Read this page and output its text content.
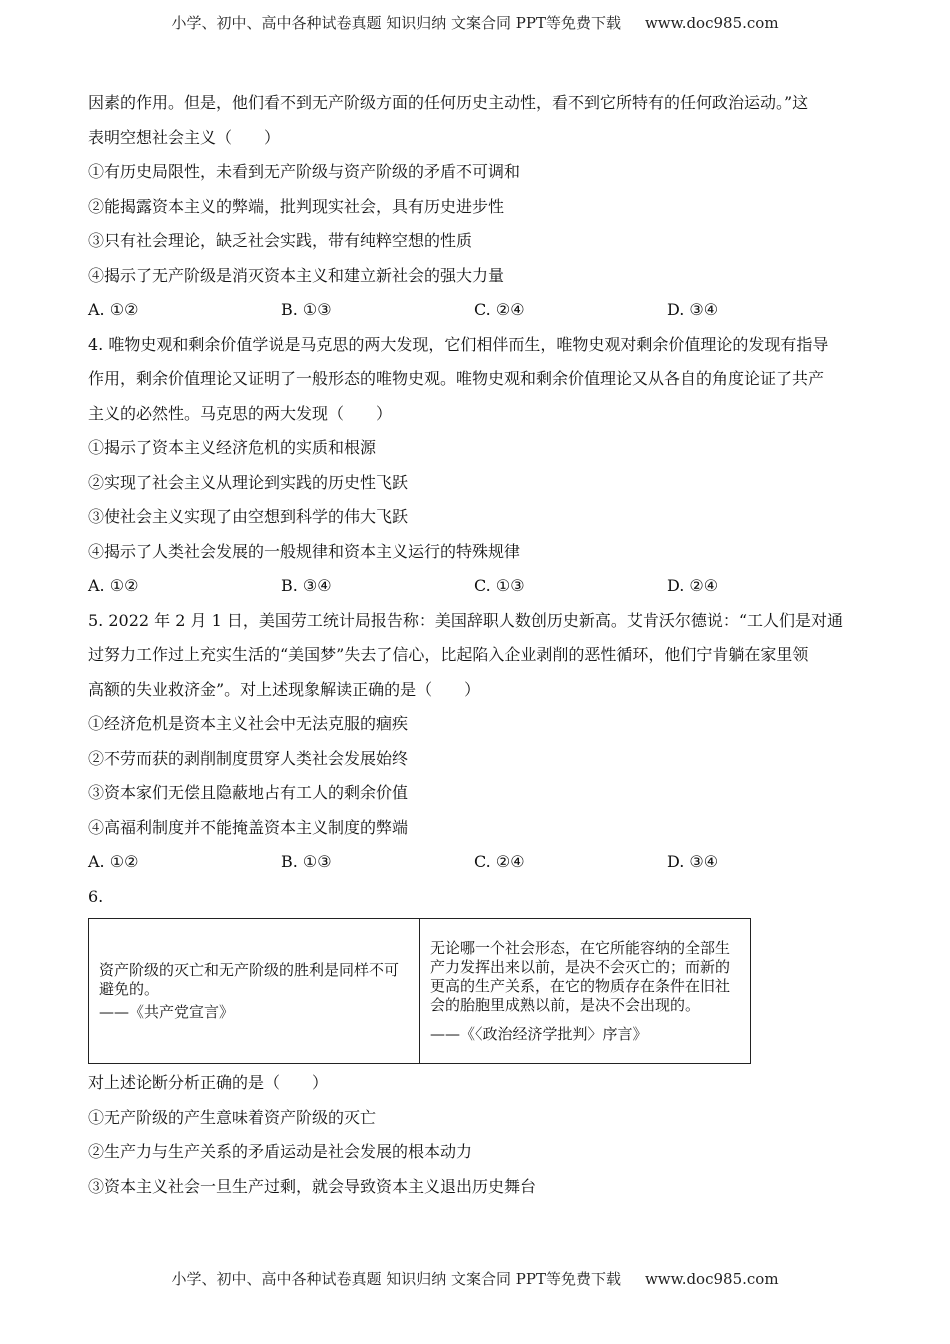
小学、初中、高中各种试卷真题 知识归纳 文案合同 PPT等免费下载 www.doc985.com
因素的作用。但是，他们看不到无产阶级方面的任何历史主动性，看不到它所特有的任何政治运动。”这
表明空想社会主义（　　）
①有历史局限性，未看到无产阶级与资产阶级的矛盾不可调和
②能揭露资本主义的弊端，批判现实社会，具有历史进步性
③只有社会理论，缺乏社会实践，带有纯粹空想的性质
④揭示了无产阶级是消灭资本主义和建立新社会的强大力量
A. ①②	B. ①③	C. ②④	D. ③④
4. 唯物史观和剩余价值学说是马克思的两大发现，它们相伴而生，唯物史观对剩余价值理论的发现有指导
作用，剩余价值理论又证明了一般形态的唯物史观。唯物史观和剩余价值理论又从各自的角度论证了共产
主义的必然性。马克思的两大发现（　　）
①揭示了资本主义经济危机的实质和根源
②实现了社会主义从理论到实践的历史性飞跃
③使社会主义实现了由空想到科学的伟大飞跃
④揭示了人类社会发展的一般规律和资本主义运行的特殊规律
A. ①②	B. ③④	C. ①③	D. ②④
5. 2022 年 2 月 1 日，美国劳工统计局报告称：美国辞职人数创历史新高。艾肯沃尔德说：“工人们是对通
过努力工作过上充实生活的“美国梦”失去了信心，比起陷入企业剥削的恶性循环，他们宁肯躺在家里领
高额的失业救济金”。对上述现象解读正确的是（　　）
①经济危机是资本主义社会中无法克服的痼疾
②不劳而获的剥削制度贯穿人类社会发展始终
③资本家们无偿且隐蔽地占有工人的剩余价值
④高福利制度并不能掩盖资本主义制度的弊端
A. ①②	B. ①③	C. ②④	D. ③④
6.
资产阶级的灭亡和无产阶级的胜利是同样不可避免的。
——《共产党宣言》
	无论哪一个社会形态，在它所能容纳的全部生产力发挥出来以前，是决不会灭亡的；而新的更高的生产关系，在它的物质存在条件在旧社会的胎胞里成熟以前，是决不会出现的。
——《〈政治经济学批判〉序言》
对上述论断分析正确的是（　　）
①无产阶级的产生意味着资产阶级的灭亡
②生产力与生产关系的矛盾运动是社会发展的根本动力
③资本主义社会一旦生产过剩，就会导致资本主义退出历史舞台
小学、初中、高中各种试卷真题 知识归纳 文案合同 PPT等免费下载 www.doc985.com
